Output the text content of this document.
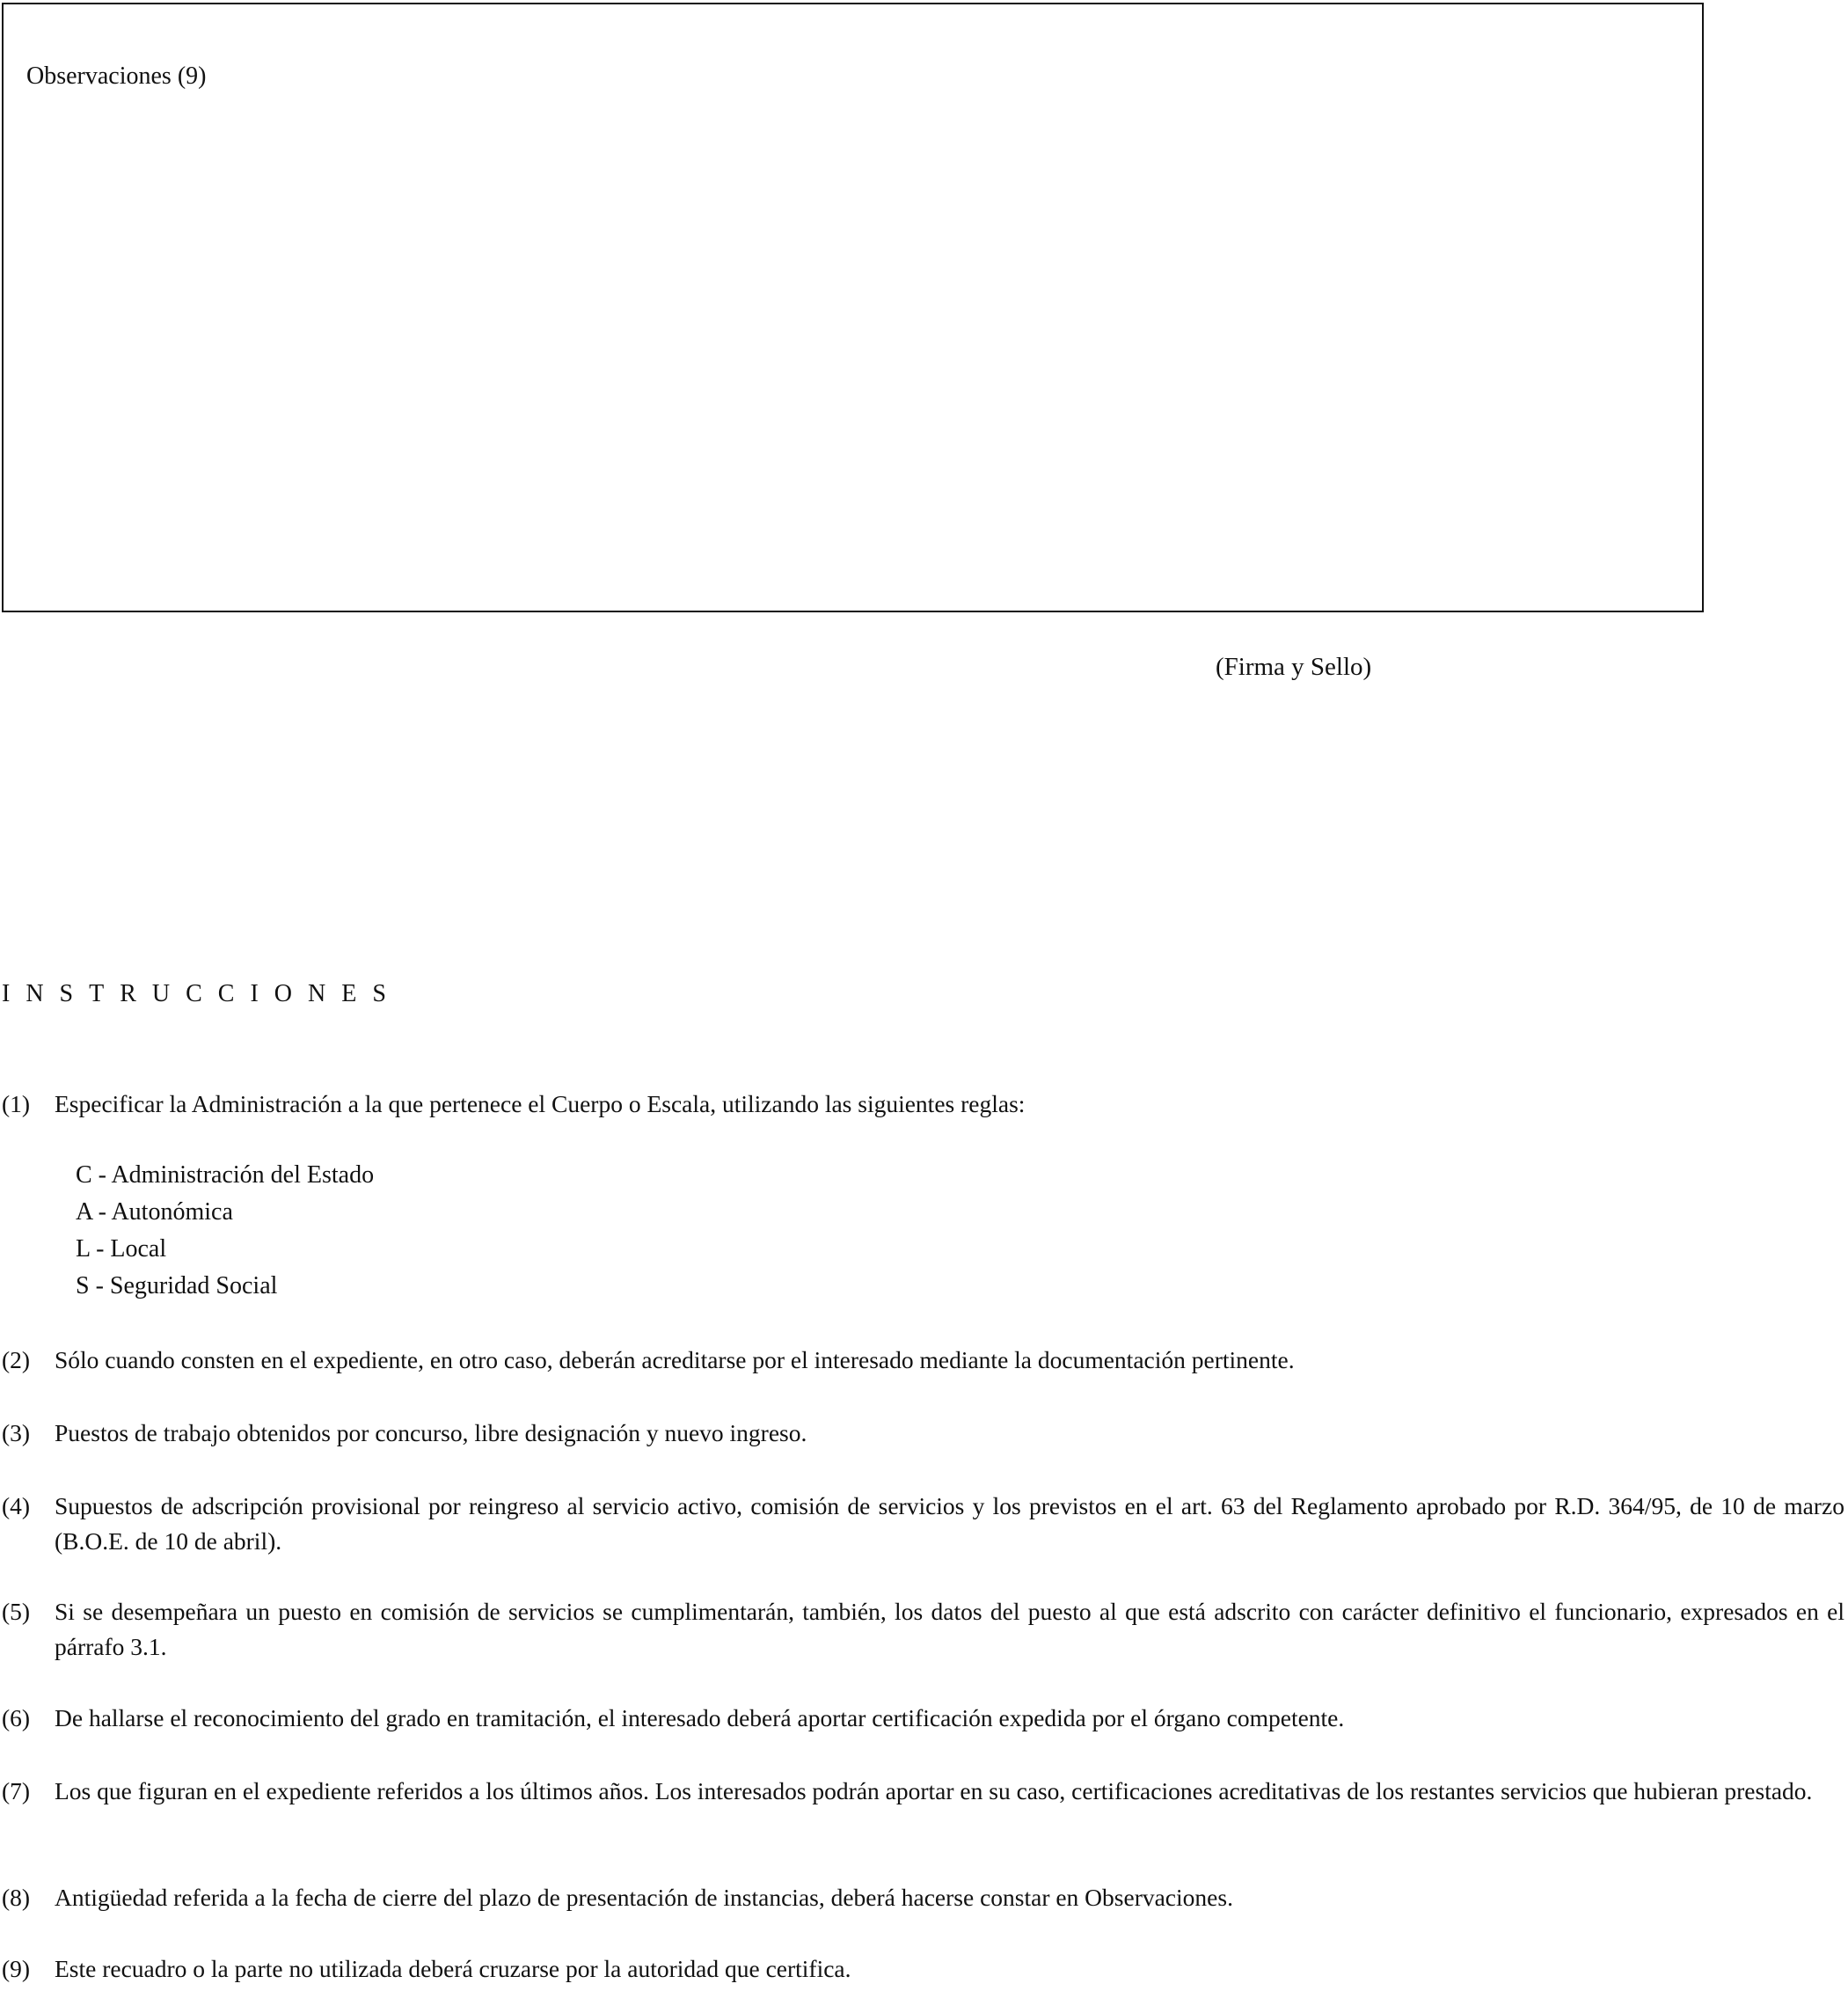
Observaciones (9)
(Firma y Sello)
INSTRUCCIONES
(1)	Especificar la Administración a la que pertenece el Cuerpo o Escala, utilizando las siguientes reglas:
C - Administración del Estado
A - Autonómica
L - Local
S - Seguridad Social
(2)	Sólo cuando consten en el expediente, en otro caso, deberán acreditarse por el interesado mediante la documentación pertinente.
(3)	Puestos de trabajo obtenidos por concurso, libre designación y nuevo ingreso.
(4)	Supuestos de adscripción provisional por reingreso al servicio activo, comisión de servicios y los previstos en el art. 63 del Reglamento aprobado por R.D. 364/95, de 10 de marzo (B.O.E. de 10 de abril).
(5)	Si se desempeñara un puesto en comisión de servicios se cumplimentarán, también, los datos del puesto al que está adscrito con carácter definitivo el funcionario, expresados en el párrafo 3.1.
(6)	De hallarse el reconocimiento del grado en tramitación, el interesado deberá aportar certificación expedida por el órgano competente.
(7)	Los que figuran en el expediente referidos a los últimos años. Los interesados podrán aportar en su caso, certificaciones acreditativas de los restantes servicios que hubieran prestado.
(8)	Antigüedad referida a la fecha de cierre del plazo de presentación de instancias, deberá hacerse constar en Observaciones.
(9)	Este recuadro o la parte no utilizada deberá cruzarse por la autoridad que certifica.
